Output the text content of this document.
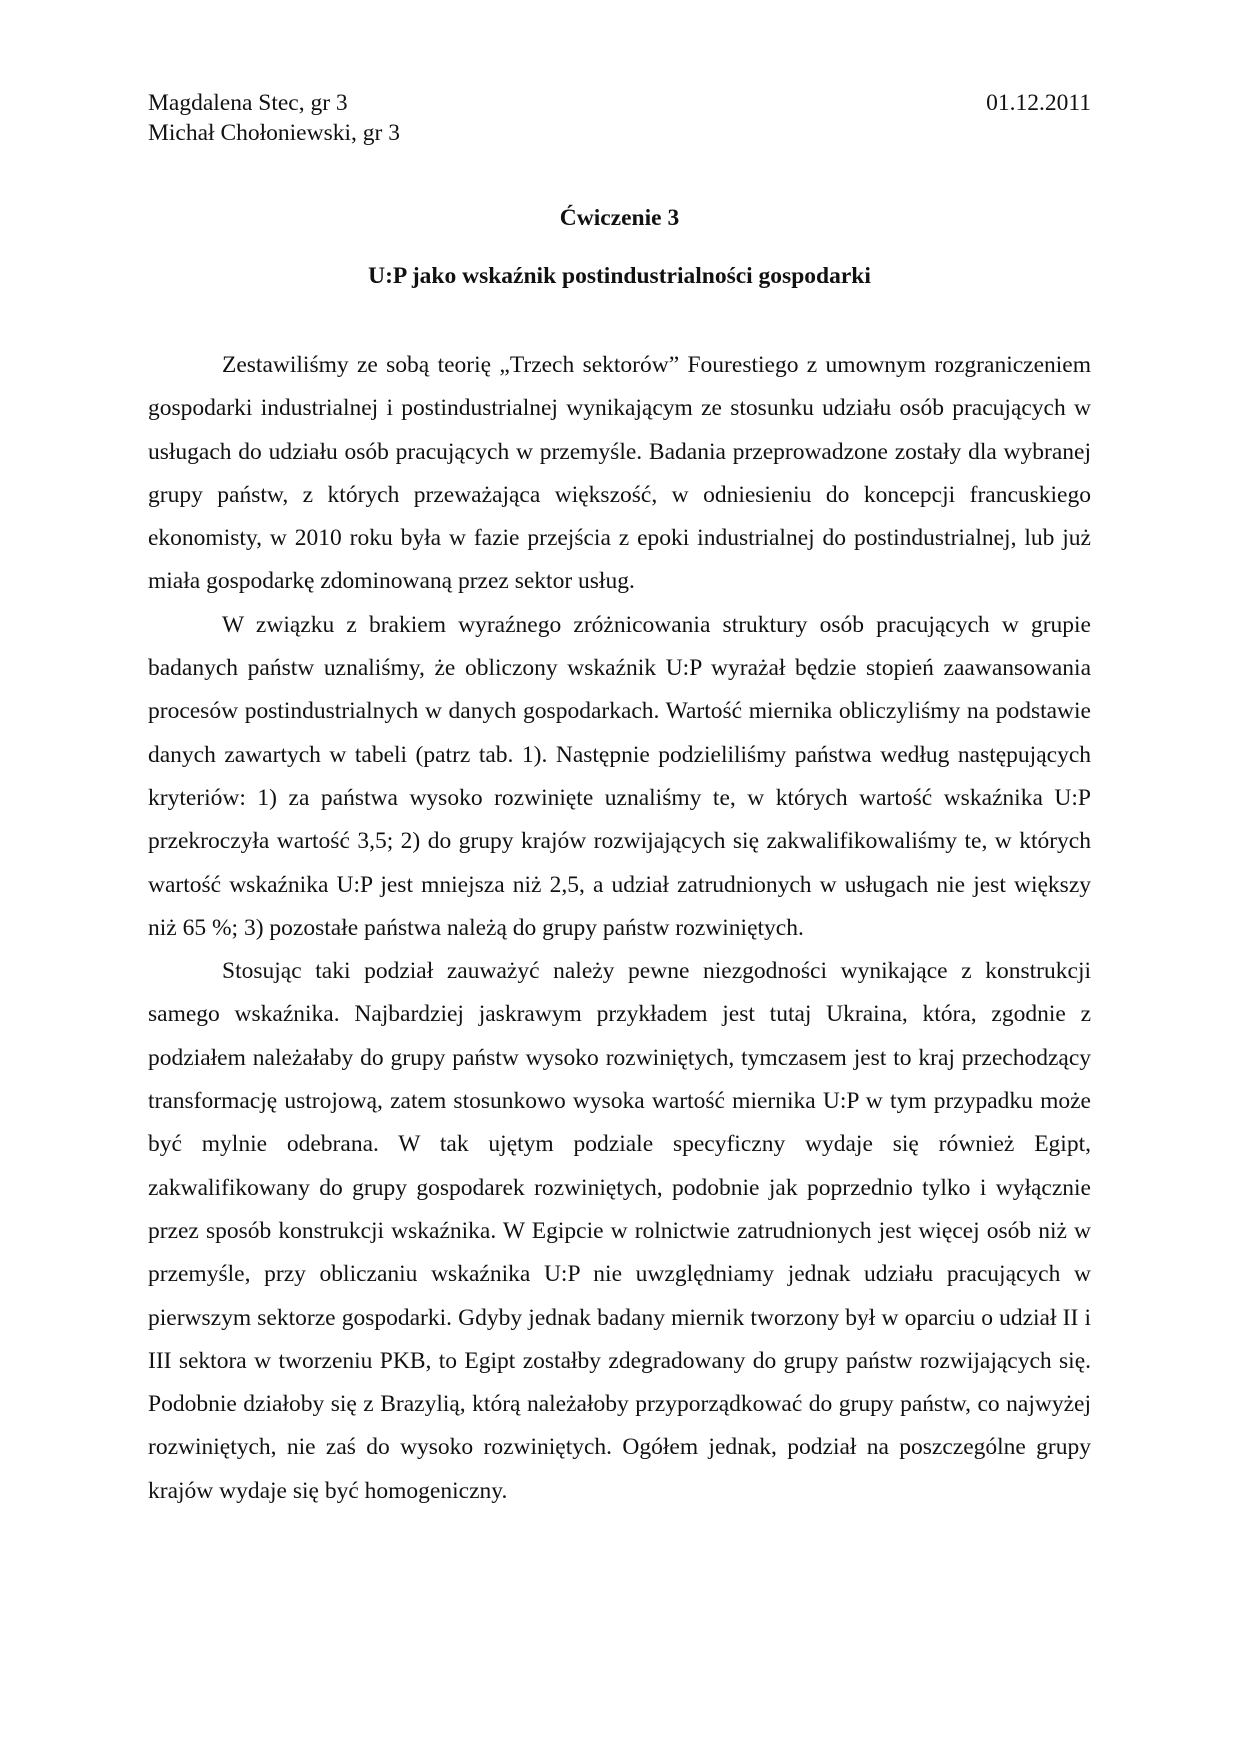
Magdalena Stec, gr 3
Michał Chołoniewski, gr 3
01.12.2011
Ćwiczenie 3
U:P jako wskaźnik postindustrialności gospodarki

Zestawiliśmy ze sobą teorię „Trzech sektorów” Fourestiego z umownym rozgraniczeniem gospodarki industrialnej i postindustrialnej wynikającym ze stosunku udziału osób pracujących w usługach do udziału osób pracujących w przemyśle. Badania przeprowadzone zostały dla wybranej grupy państw, z których przeważająca większość, w odniesieniu do koncepcji francuskiego ekonomisty, w 2010 roku była w fazie przejścia z epoki industrialnej do postindustrialnej, lub już miała gospodarkę zdominowaną przez sektor usług.

W związku z brakiem wyraźnego zróżnicowania struktury osób pracujących w grupie badanych państw uznaliśmy, że obliczony wskaźnik U:P wyrażał będzie stopień zaawansowania procesów postindustrialnych w danych gospodarkach. Wartość miernika obliczyliśmy na podstawie danych zawartych w tabeli (patrz tab. 1). Następnie podzieliliśmy państwa według następujących kryteriów: 1) za państwa wysoko rozwinięte uznaliśmy te, w których wartość wskaźnika U:P przekroczyła wartość 3,5; 2) do grupy krajów rozwijających się zakwalifikowaliśmy te, w których wartość wskaźnika U:P jest mniejsza niż 2,5, a udział zatrudnionych w usługach nie jest większy niż 65 %; 3) pozostałe państwa należą do grupy państw rozwiniętych.

Stosując taki podział zauważyć należy pewne niezgodności wynikające z konstrukcji samego wskaźnika. Najbardziej jaskrawym przykładem jest tutaj Ukraina, która, zgodnie z podziałem należałaby do grupy państw wysoko rozwiniętych, tymczasem jest to kraj przechodzący transformację ustrojową, zatem stosunkowo wysoka wartość miernika U:P w tym przypadku może być mylnie odebrana. W tak ujętym podziale specyficzny wydaje się również Egipt, zakwalifikowany do grupy gospodarek rozwiniętych, podobnie jak poprzednio tylko i wyłącznie przez sposób konstrukcji wskaźnika. W Egipcie w rolnictwie zatrudnionych jest więcej osób niż w przemyśle, przy obliczaniu wskaźnika U:P nie uwzględniamy jednak udziału pracujących w pierwszym sektorze gospodarki. Gdyby jednak badany miernik tworzony był w oparciu o udział II i III sektora w tworzeniu PKB, to Egipt zostałby zdegradowany do grupy państw rozwijających się. Podobnie działoby się z Brazylią, którą należałoby przyporządkować do grupy państw, co najwyżej rozwiniętych, nie zaś do wysoko rozwiniętych. Ogółem jednak, podział na poszczególne grupy krajów wydaje się być homogeniczny.
